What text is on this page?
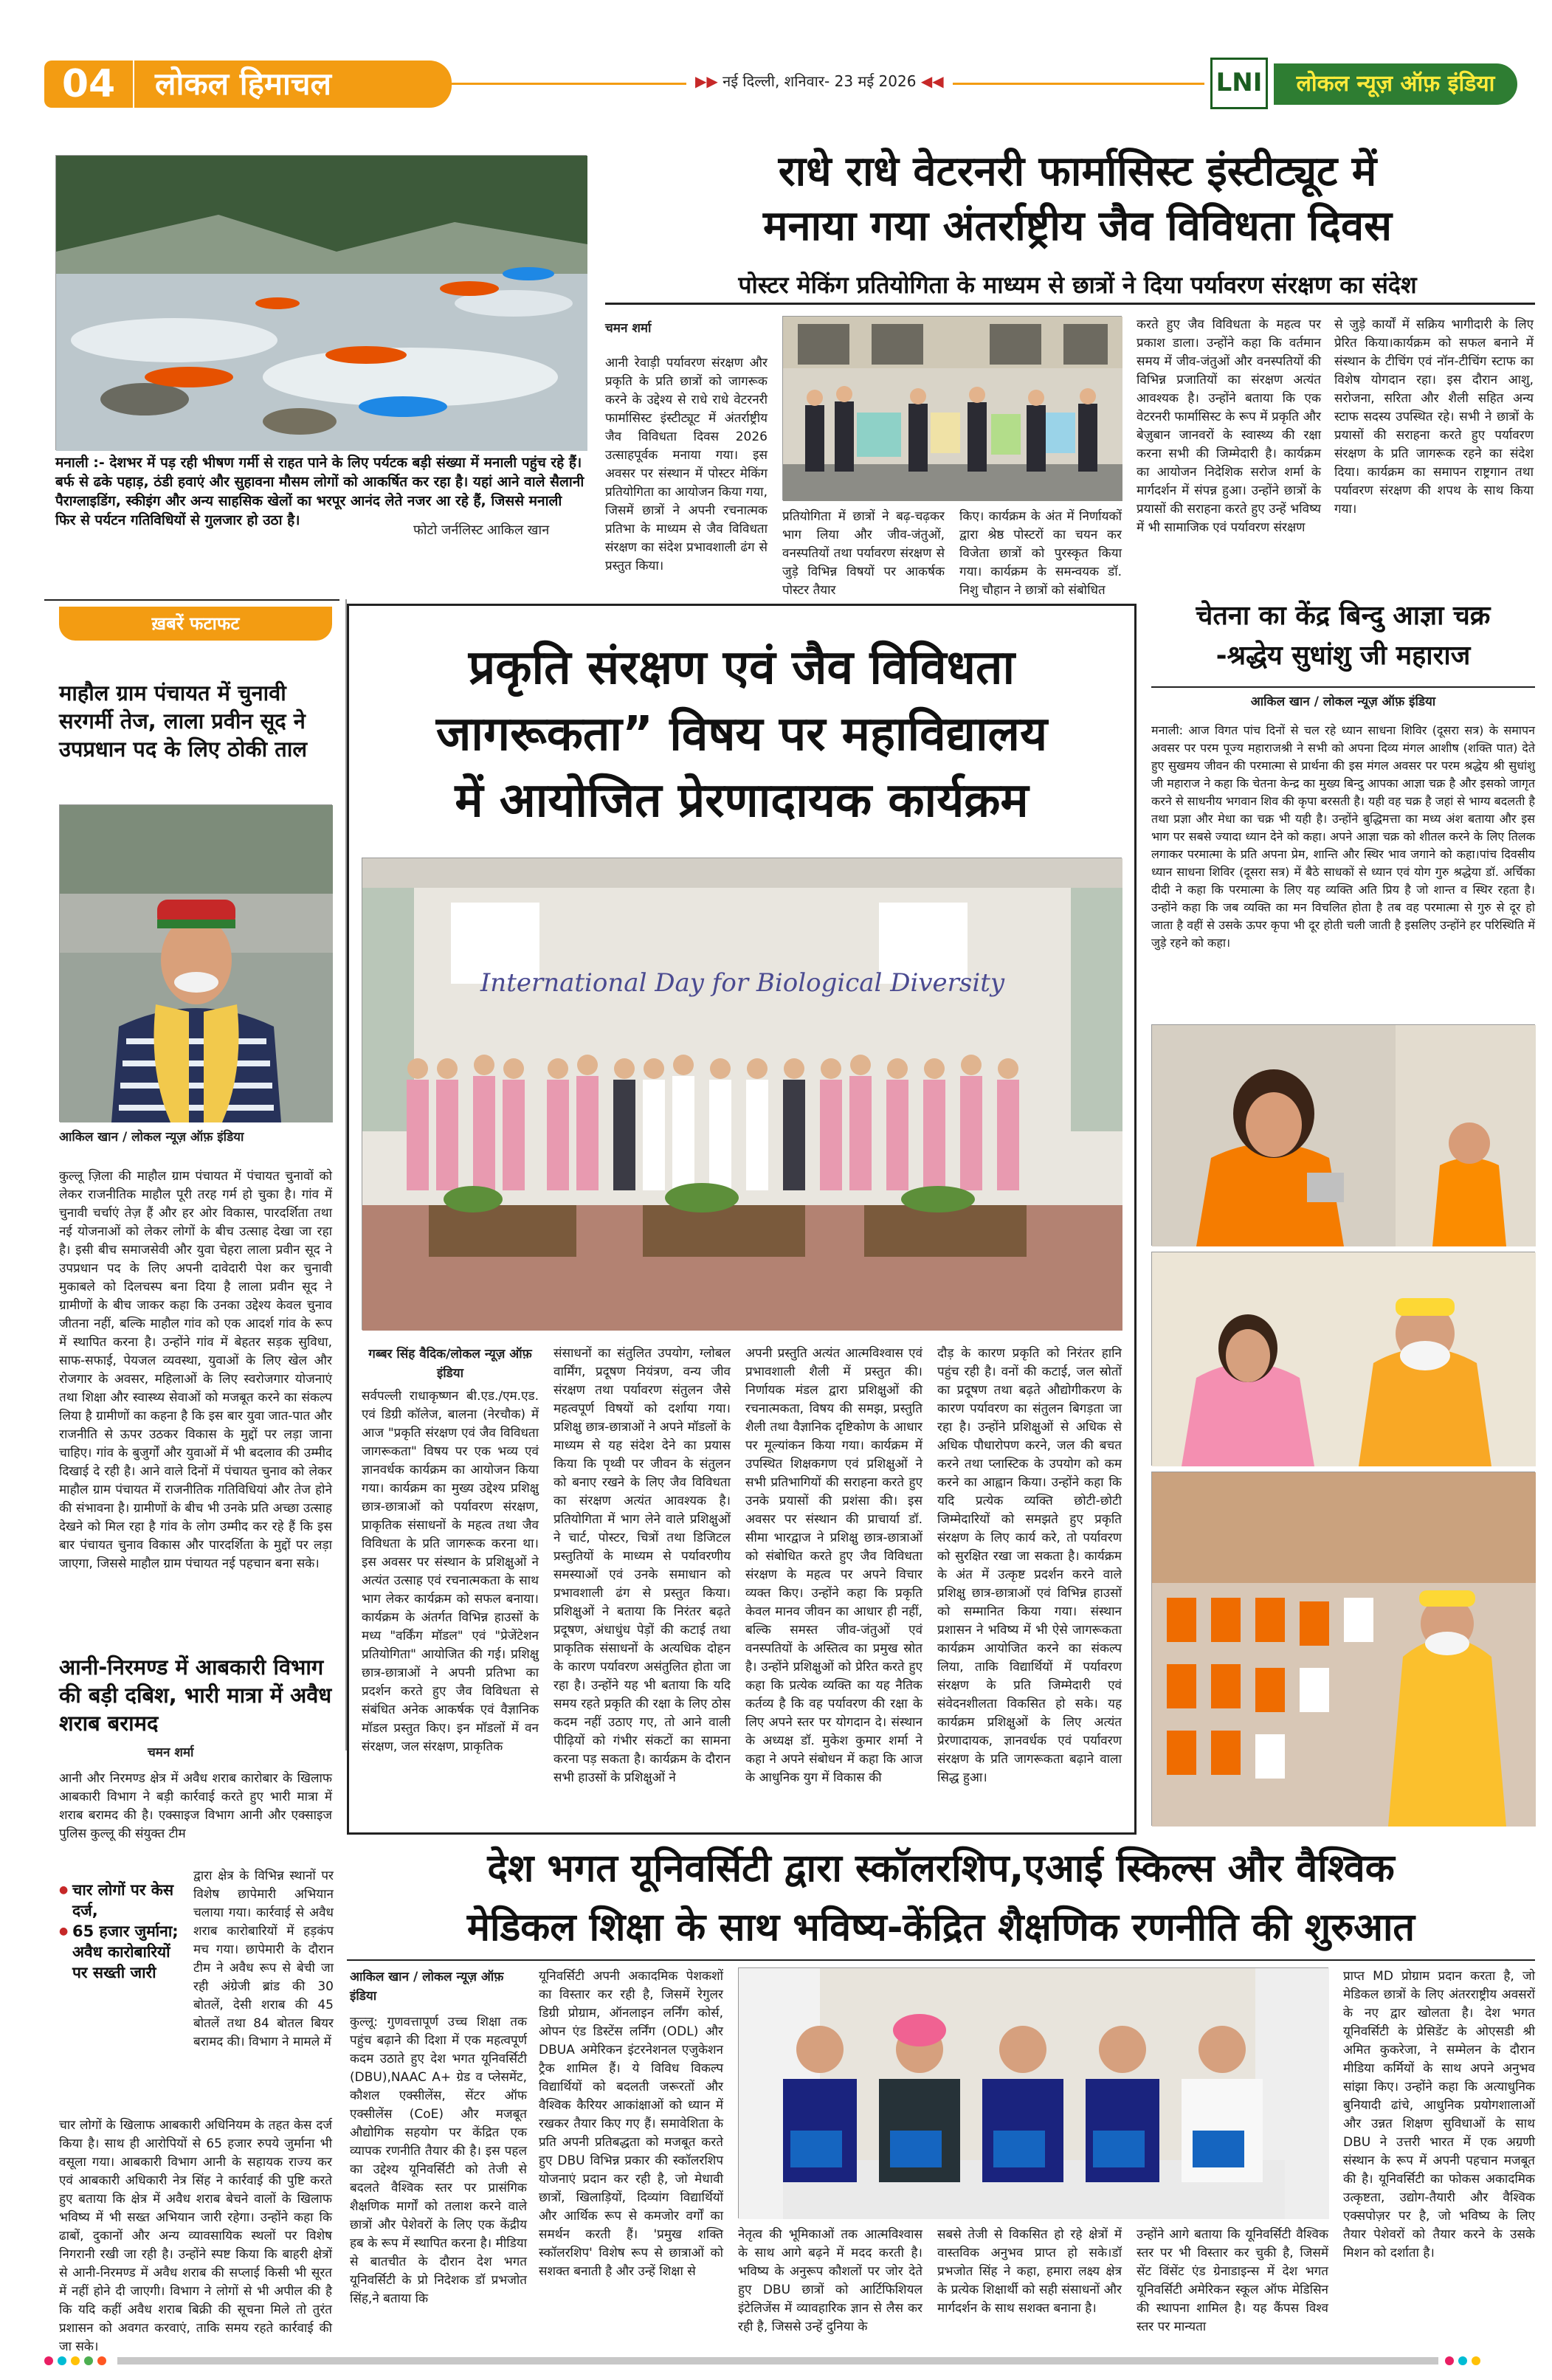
04	लोकल हिमाचल	▶▶ नई दिल्ली, शनिवार- 23 मई 2026 ◀◀	LNI	लोकल न्यूज़ ऑफ़ इंडिया
मनाली :- देशभर में पड़ रही भीषण गर्मी से राहत पाने के लिए पर्यटक बड़ी संख्या में मनाली पहुंच रहे हैं। बर्फ से ढके पहाड़, ठंडी हवाएं और सुहावना मौसम लोगों को आकर्षित कर रहा है। यहां आने वाले सैलानी पैराग्लाइडिंग, स्कीइंग और अन्य साहसिक खेलों का भरपूर आनंद लेते नजर आ रहे हैं, जिससे मनाली फिर से पर्यटन गतिविधियों से गुलजार हो उठा है।
फोटो जर्नलिस्ट आकिल खान
राधे राधे वेटरनरी फार्मासिस्ट इंस्टीट्यूट में
मनाया गया अंतर्राष्ट्रीय जैव विविधता दिवस
पोस्टर मेकिंग प्रतियोगिता के माध्यम से छात्रों ने दिया पर्यावरण संरक्षण का संदेश
चमन शर्मा
आनी रेवाड़ी पर्यावरण संरक्षण और प्रकृति के प्रति छात्रों को जागरूक करने के उद्देश्य से राधे राधे वेटरनरी फार्मासिस्ट इंस्टीट्यूट में अंतर्राष्ट्रीय जैव विविधता दिवस 2026 उत्साहपूर्वक मनाया गया। इस अवसर पर संस्थान में पोस्टर मेकिंग प्रतियोगिता का आयोजन किया गया, जिसमें छात्रों ने अपनी रचनात्मक प्रतिभा के माध्यम से जैव विविधता संरक्षण का संदेश प्रभावशाली ढंग से प्रस्तुत किया।
प्रतियोगिता में छात्रों ने बढ़-चढ़कर भाग लिया और जीव-जंतुओं, वनस्पतियों तथा पर्यावरण संरक्षण से जुड़े विभिन्न विषयों पर आकर्षक पोस्टर तैयार
किए। कार्यक्रम के अंत में निर्णायकों द्वारा श्रेष्ठ पोस्टरों का चयन कर विजेता छात्रों को पुरस्कृत किया गया। कार्यक्रम के समन्वयक डॉ. निशु चौहान ने छात्रों को संबोधित
करते हुए जैव विविधता के महत्व पर प्रकाश डाला। उन्होंने कहा कि वर्तमान समय में जीव-जंतुओं और वनस्पतियों की विभिन्न प्रजातियों का संरक्षण अत्यंत आवश्यक है। उन्होंने बताया कि एक वेटरनरी फार्मासिस्ट के रूप में प्रकृति और बेज़ुबान जानवरों के स्वास्थ्य की रक्षा करना सभी की जिम्मेदारी है। कार्यक्रम का आयोजन निदेशिक सरोज शर्मा के मार्गदर्शन में संपन्न हुआ। उन्होंने छात्रों के प्रयासों की सराहना करते हुए उन्हें भविष्य में भी सामाजिक एवं पर्यावरण संरक्षण
से जुड़े कार्यों में सक्रिय भागीदारी के लिए प्रेरित किया।कार्यक्रम को सफल बनाने में संस्थान के टीचिंग एवं नॉन-टीचिंग स्टाफ का विशेष योगदान रहा। इस दौरान आशु, सरोजना, सरिता और शैली सहित अन्य स्टाफ सदस्य उपस्थित रहे। सभी ने छात्रों के प्रयासों की सराहना करते हुए पर्यावरण संरक्षण के प्रति जागरूक रहने का संदेश दिया। कार्यक्रम का समापन राष्ट्रगान तथा पर्यावरण संरक्षण की शपथ के साथ किया गया।
ख़बरें फटाफट
माहौल ग्राम पंचायत में चुनावी सरगर्मी तेज, लाला प्रवीन सूद ने उपप्रधान पद के लिए ठोकी ताल
आकिल खान / लोकल न्यूज़ ऑफ़ इंडिया
कुल्लू ज़िला की माहौल ग्राम पंचायत में पंचायत चुनावों को लेकर राजनीतिक माहौल पूरी तरह गर्म हो चुका है। गांव में चुनावी चर्चाएं तेज़ हैं और हर ओर विकास, पारदर्शिता तथा नई योजनाओं को लेकर लोगों के बीच उत्साह देखा जा रहा है। इसी बीच समाजसेवी और युवा चेहरा लाला प्रवीन सूद ने उपप्रधान पद के लिए अपनी दावेदारी पेश कर चुनावी मुकाबले को दिलचस्प बना दिया है लाला प्रवीन सूद ने ग्रामीणों के बीच जाकर कहा कि उनका उद्देश्य केवल चुनाव जीतना नहीं, बल्कि माहौल गांव को एक आदर्श गांव के रूप में स्थापित करना है। उन्होंने गांव में बेहतर सड़क सुविधा, साफ-सफाई, पेयजल व्यवस्था, युवाओं के लिए खेल और रोजगार के अवसर, महिलाओं के लिए स्वरोजगार योजनाएं तथा शिक्षा और स्वास्थ्य सेवाओं को मजबूत करने का संकल्प लिया है ग्रामीणों का कहना है कि इस बार युवा जात-पात और राजनीति से ऊपर उठकर विकास के मुद्दों पर लड़ा जाना चाहिए। गांव के बुजुर्गों और युवाओं में भी बदलाव की उम्मीद दिखाई दे रही है। आने वाले दिनों में पंचायत चुनाव को लेकर माहौल ग्राम पंचायत में राजनीतिक गतिविधियां और तेज होने की संभावना है। ग्रामीणों के बीच भी उनके प्रति अच्छा उत्साह देखने को मिल रहा है गांव के लोग उम्मीद कर रहे हैं कि इस बार पंचायत चुनाव विकास और पारदर्शिता के मुद्दों पर लड़ा जाएगा, जिससे माहौल ग्राम पंचायत नई पहचान बना सके।
आनी-निरमण्ड में आबकारी विभाग की बड़ी दबिश, भारी मात्रा में अवैध शराब बरामद
चमन शर्मा
आनी और निरमण्ड क्षेत्र में अवैध शराब कारोबार के खिलाफ आबकारी विभाग ने बड़ी कार्रवाई करते हुए भारी मात्रा में शराब बरामद की है। एक्साइज विभाग आनी और एक्साइज पुलिस कुल्लू की संयुक्त टीम
● चार लोगों पर केस दर्ज,
● 65 हजार जुर्माना; अवैध कारोबारियों पर सख्ती जारी
द्वारा क्षेत्र के विभिन्न स्थानों पर विशेष छापेमारी अभियान चलाया गया। कार्रवाई से अवैध शराब कारोबारियों में हड़कंप मच गया। छापेमारी के दौरान टीम ने अवैध रूप से बेची जा रही अंग्रेजी ब्रांड की 30 बोतलें, देसी शराब की 45 बोतलें तथा 84 बोतल बियर बरामद की। विभाग ने मामले में
चार लोगों के खिलाफ आबकारी अधिनियम के तहत केस दर्ज किया है। साथ ही आरोपियों से 65 हजार रुपये जुर्माना भी वसूला गया। आबकारी विभाग आनी के सहायक राज्य कर एवं आबकारी अधिकारी नेत्र सिंह ने कार्रवाई की पुष्टि करते हुए बताया कि क्षेत्र में अवैध शराब बेचने वालों के खिलाफ भविष्य में भी सख्त अभियान जारी रहेगा। उन्होंने कहा कि ढाबों, दुकानों और अन्य व्यावसायिक स्थलों पर विशेष निगरानी रखी जा रही है। उन्होंने स्पष्ट किया कि बाहरी क्षेत्रों से आनी-निरमण्ड में अवैध शराब की सप्लाई किसी भी सूरत में नहीं होने दी जाएगी। विभाग ने लोगों से भी अपील की है कि यदि कहीं अवैध शराब बिक्री की सूचना मिले तो तुरंत प्रशासन को अवगत करवाएं, ताकि समय रहते कार्रवाई की जा सके।
प्रकृति संरक्षण एवं जैव विविधता
जागरूकता” विषय पर महाविद्यालय
में आयोजित प्रेरणादायक कार्यक्रम
International Day for Biological Diversity
गब्बर सिंह वैदिक/लोकल न्यूज़ ऑफ़ इंडिया
सर्वपल्ली राधाकृष्णन बी.एड./एम.एड. एवं डिग्री कॉलेज, बालना (नेरचौक) में आज "प्रकृति संरक्षण एवं जैव विविधता जागरूकता" विषय पर एक भव्य एवं ज्ञानवर्धक कार्यक्रम का आयोजन किया गया। कार्यक्रम का मुख्य उद्देश्य प्रशिक्षु छात्र-छात्राओं को पर्यावरण संरक्षण, प्राकृतिक संसाधनों के महत्व तथा जैव विविधता के प्रति जागरूक करना था। इस अवसर पर संस्थान के प्रशिक्षुओं ने अत्यंत उत्साह एवं रचनात्मकता के साथ भाग लेकर कार्यक्रम को सफल बनाया। कार्यक्रम के अंतर्गत विभिन्न हाउसों के मध्य "वर्किंग मॉडल" एवं "प्रेजेंटेशन प्रतियोगिता" आयोजित की गई। प्रशिक्षु छात्र-छात्राओं ने अपनी प्रतिभा का प्रदर्शन करते हुए जैव विविधता से संबंधित अनेक आकर्षक एवं वैज्ञानिक मॉडल प्रस्तुत किए। इन मॉडलों में वन संरक्षण, जल संरक्षण, प्राकृतिक
संसाधनों का संतुलित उपयोग, ग्लोबल वार्मिंग, प्रदूषण नियंत्रण, वन्य जीव संरक्षण तथा पर्यावरण संतुलन जैसे महत्वपूर्ण विषयों को दर्शाया गया। प्रशिक्षु छात्र-छात्राओं ने अपने मॉडलों के माध्यम से यह संदेश देने का प्रयास किया कि पृथ्वी पर जीवन के संतुलन को बनाए रखने के लिए जैव विविधता का संरक्षण अत्यंत आवश्यक है। प्रतियोगिता में भाग लेने वाले प्रशिक्षुओं ने चार्ट, पोस्टर, चित्रों तथा डिजिटल प्रस्तुतियों के माध्यम से पर्यावरणीय समस्याओं एवं उनके समाधान को प्रभावशाली ढंग से प्रस्तुत किया। प्रशिक्षुओं ने बताया कि निरंतर बढ़ते प्रदूषण, अंधाधुंध पेड़ों की कटाई तथा प्राकृतिक संसाधनों के अत्यधिक दोहन के कारण पर्यावरण असंतुलित होता जा रहा है। उन्होंने यह भी बताया कि यदि समय रहते प्रकृति की रक्षा के लिए ठोस कदम नहीं उठाए गए, तो आने वाली पीढ़ियों को गंभीर संकटों का सामना करना पड़ सकता है। कार्यक्रम के दौरान सभी हाउसों के प्रशिक्षुओं ने
अपनी प्रस्तुति अत्यंत आत्मविश्वास एवं प्रभावशाली शैली में प्रस्तुत की। निर्णायक मंडल द्वारा प्रशिक्षुओं की रचनात्मकता, विषय की समझ, प्रस्तुति शैली तथा वैज्ञानिक दृष्टिकोण के आधार पर मूल्यांकन किया गया। कार्यक्रम में उपस्थित शिक्षकगण एवं प्रशिक्षुओं ने सभी प्रतिभागियों की सराहना करते हुए उनके प्रयासों की प्रशंसा की। इस अवसर पर संस्थान की प्राचार्या डॉ. सीमा भारद्वाज ने प्रशिक्षु छात्र-छात्राओं को संबोधित करते हुए जैव विविधता संरक्षण के महत्व पर अपने विचार व्यक्त किए। उन्होंने कहा कि प्रकृति केवल मानव जीवन का आधार ही नहीं, बल्कि समस्त जीव-जंतुओं एवं वनस्पतियों के अस्तित्व का प्रमुख स्रोत है। उन्होंने प्रशिक्षुओं को प्रेरित करते हुए कहा कि प्रत्येक व्यक्ति का यह नैतिक कर्तव्य है कि वह पर्यावरण की रक्षा के लिए अपने स्तर पर योगदान दे। संस्थान के अध्यक्ष डॉ. मुकेश कुमार शर्मा ने कहा ने अपने संबोधन में कहा कि आज के आधुनिक युग में विकास की
दौड़ के कारण प्रकृति को निरंतर हानि पहुंच रही है। वनों की कटाई, जल स्रोतों का प्रदूषण तथा बढ़ते औद्योगीकरण के कारण पर्यावरण का संतुलन बिगड़ता जा रहा है। उन्होंने प्रशिक्षुओं से अधिक से अधिक पौधारोपण करने, जल की बचत करने तथा प्लास्टिक के उपयोग को कम करने का आह्वान किया। उन्होंने कहा कि यदि प्रत्येक व्यक्ति छोटी-छोटी जिम्मेदारियों को समझते हुए प्रकृति संरक्षण के लिए कार्य करे, तो पर्यावरण को सुरक्षित रखा जा सकता है। कार्यक्रम के अंत में उत्कृष्ट प्रदर्शन करने वाले प्रशिक्षु छात्र-छात्राओं एवं विभिन्न हाउसों को सम्मानित किया गया। संस्थान प्रशासन ने भविष्य में भी ऐसे जागरूकता कार्यक्रम आयोजित करने का संकल्प लिया, ताकि विद्यार्थियों में पर्यावरण संरक्षण के प्रति जिम्मेदारी एवं संवेदनशीलता विकसित हो सके। यह कार्यक्रम प्रशिक्षुओं के लिए अत्यंत प्रेरणादायक, ज्ञानवर्धक एवं पर्यावरण संरक्षण के प्रति जागरूकता बढ़ाने वाला सिद्ध हुआ।
चेतना का केंद्र बिन्दु आज्ञा चक्र
-श्रद्धेय सुधांशु जी महाराज
आकिल खान / लोकल न्यूज़ ऑफ़ इंडिया
मनाली: आज विगत पांच दिनों से चल रहे ध्यान साधना शिविर (दूसरा सत्र) के समापन अवसर पर परम पूज्य महाराजश्री ने सभी को अपना दिव्य मंगल आशीष (शक्ति पात) देते हुए सुखमय जीवन की परमात्मा से प्रार्थना की इस मंगल अवसर पर परम श्रद्धेय श्री सुधांशु जी महाराज ने कहा कि चेतना केन्द्र का मुख्य बिन्दु आपका आज्ञा चक्र है और इसको जागृत करने से साधनीय भगवान शिव की कृपा बरसती है। यही वह चक्र है जहां से भाग्य बदलती है तथा प्रज्ञा और मेधा का चक्र भी यही है। उन्होंने बुद्धिमत्ता का मध्य अंश बताया और इस भाग पर सबसे ज्यादा ध्यान देने को कहा। अपने आज्ञा चक्र को शीतल करने के लिए तिलक लगाकर परमात्मा के प्रति अपना प्रेम, शान्ति और स्थिर भाव जगाने को कहा।पांच दिवसीय ध्यान साधना शिविर (दूसरा सत्र) में बैठे साधकों से ध्यान एवं योग गुरु श्रद्धेया डॉ. अर्चिका दीदी ने कहा कि परमात्मा के लिए यह व्यक्ति अति प्रिय है जो शान्त व स्थिर रहता है। उन्होंने कहा कि जब व्यक्ति का मन विचलित होता है तब वह परमात्मा से गुरु से दूर हो जाता है वहीं से उसके ऊपर कृपा भी दूर होती चली जाती है इसलिए उन्होंने हर परिस्थिति में जुड़े रहने को कहा।
देश भगत यूनिवर्सिटी द्वारा स्कॉलरशिप,एआई स्किल्स और वैश्विक
मेडिकल शिक्षा के साथ भविष्य-केंद्रित शैक्षणिक रणनीति की शुरुआत
आकिल खान / लोकल न्यूज़ ऑफ़ इंडिया
कुल्लू: गुणवत्तापूर्ण उच्च शिक्षा तक पहुंच बढ़ाने की दिशा में एक महत्वपूर्ण कदम उठाते हुए देश भगत यूनिवर्सिटी (DBU),NAAC A+ ग्रेड व प्लेसमेंट, कौशल एक्सीलेंस, सेंटर ऑफ एक्सीलेंस (CoE) और मजबूत औद्योगिक सहयोग पर केंद्रित एक व्यापक रणनीति तैयार की है। इस पहल का उद्देश्य यूनिवर्सिटी को तेजी से बदलते वैश्विक स्तर पर प्रासंगिक शैक्षणिक मार्गों को तलाश करने वाले छात्रों और पेशेवरों के लिए एक केंद्रीय हब के रूप में स्थापित करना है। मीडिया से बातचीत के दौरान देश भगत यूनिवर्सिटी के प्रो निदेशक डॉ प्रभजोत सिंह,ने बताया कि
यूनिवर्सिटी अपनी अकादमिक पेशकशों का विस्तार कर रही है, जिसमें रेगुलर डिग्री प्रोग्राम, ऑनलाइन लर्निंग कोर्स, ओपन एंड डिस्टेंस लर्निंग (ODL) और DBUA अमेरिकन इंटरनेशनल एजुकेशन ट्रैक शामिल हैं। ये विविध विकल्प विद्यार्थियों को बदलती जरूरतों और वैश्विक कैरियर आकांक्षाओं को ध्यान में रखकर तैयार किए गए हैं। समावेशिता के प्रति अपनी प्रतिबद्धता को मजबूत करते हुए DBU विभिन्न प्रकार की स्कॉलरशिप योजनाएं प्रदान कर रही है, जो मेधावी छात्रों, खिलाड़ियों, दिव्यांग विद्यार्थियों और आर्थिक रूप से कमजोर वर्गों का समर्थन करती हैं। 'प्रमुख शक्ति स्कॉलरशिप' विशेष रूप से छात्राओं को सशक्त बनाती है और उन्हें शिक्षा से
नेतृत्व की भूमिकाओं तक आत्मविश्वास के साथ आगे बढ़ने में मदद करती है। भविष्य के अनुरूप कौशलों पर जोर देते हुए DBU छात्रों को आर्टिफिशियल इंटेलिजेंस में व्यावहारिक ज्ञान से लैस कर रही है, जिससे उन्हें दुनिया के
सबसे तेजी से विकसित हो रहे क्षेत्रों में वास्तविक अनुभव प्राप्त हो सके।डॉ प्रभजोत सिंह ने कहा, हमारा लक्ष्य क्षेत्र के प्रत्येक शिक्षार्थी को सही संसाधनों और मार्गदर्शन के साथ सशक्त बनाना है।
उन्होंने आगे बताया कि यूनिवर्सिटी वैश्विक स्तर पर भी विस्तार कर चुकी है, जिसमें सेंट विंसेंट एंड ग्रेनाडाइन्स में देश भगत यूनिवर्सिटी अमेरिकन स्कूल ऑफ मेडिसिन की स्थापना शामिल है। यह कैंपस विश्व स्तर पर मान्यता
प्राप्त MD प्रोग्राम प्रदान करता है, जो मेडिकल छात्रों के लिए अंतरराष्ट्रीय अवसरों के नए द्वार खोलता है। देश भगत यूनिवर्सिटी के प्रेसिडेंट के ओएसडी श्री अमित कुकरेजा, ने सम्मेलन के दौरान मीडिया कर्मियों के साथ अपने अनुभव सांझा किए। उन्होंने कहा कि अत्याधुनिक बुनियादी ढांचे, आधुनिक प्रयोगशालाओं और उन्नत शिक्षण सुविधाओं के साथ DBU ने उत्तरी भारत में एक अग्रणी संस्थान के रूप में अपनी पहचान मजबूत की है। यूनिवर्सिटी का फोकस अकादमिक उत्कृष्टता, उद्योग-तैयारी और वैश्विक एक्सपोज़र पर है, जो भविष्य के लिए तैयार पेशेवरों को तैयार करने के उसके मिशन को दर्शाता है।
